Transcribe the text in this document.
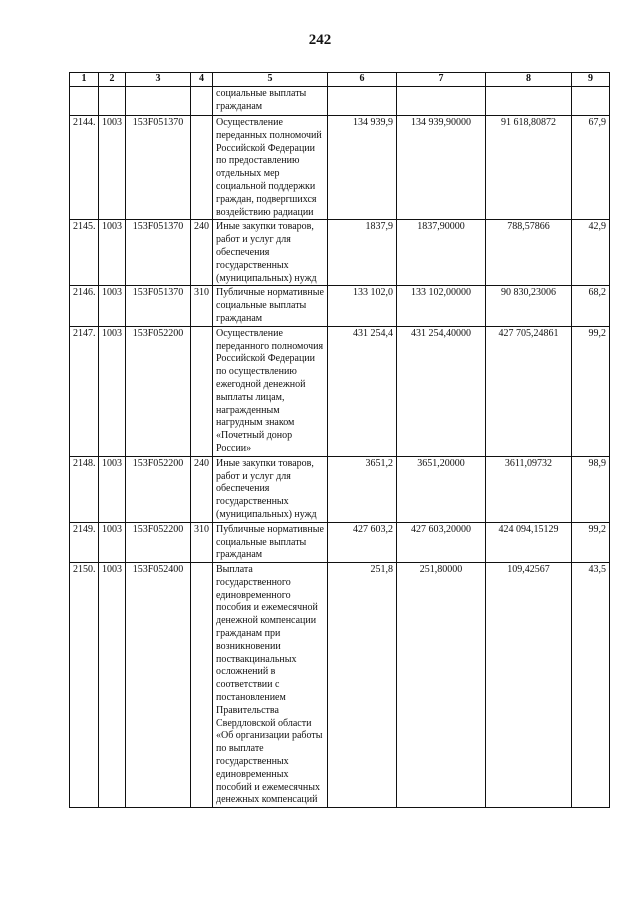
242
1	2	3	4	5	6	7	8	9
				социальные выплаты гражданам				
2144.	1003	153F051370		Осуществление переданных полномочий Российской Федерации по предоставлению отдельных мер социальной поддержки граждан, подвергшихся воздействию радиации	134 939,9	134 939,90000	91 618,80872	67,9
2145.	1003	153F051370	240	Иные закупки товаров, работ и услуг для обеспечения государственных (муниципальных) нужд	1837,9	1837,90000	788,57866	42,9
2146.	1003	153F051370	310	Публичные нормативные социальные выплаты гражданам	133 102,0	133 102,00000	90 830,23006	68,2
2147.	1003	153F052200		Осуществление переданного полномочия Российской Федерации по осуществлению ежегодной денежной выплаты лицам, награжденным нагрудным знаком «Почетный донор России»	431 254,4	431 254,40000	427 705,24861	99,2
2148.	1003	153F052200	240	Иные закупки товаров, работ и услуг для обеспечения государственных (муниципальных) нужд	3651,2	3651,20000	3611,09732	98,9
2149.	1003	153F052200	310	Публичные нормативные социальные выплаты гражданам	427 603,2	427 603,20000	424 094,15129	99,2
2150.	1003	153F052400		Выплата государственного единовременного пособия и ежемесячной денежной компенсации гражданам при возникновении поствакцинальных осложнений в соответствии с постановлением Правительства Свердловской области «Об организации работы по выплате государственных единовременных пособий и ежемесячных денежных компенсаций	251,8	251,80000	109,42567	43,5
